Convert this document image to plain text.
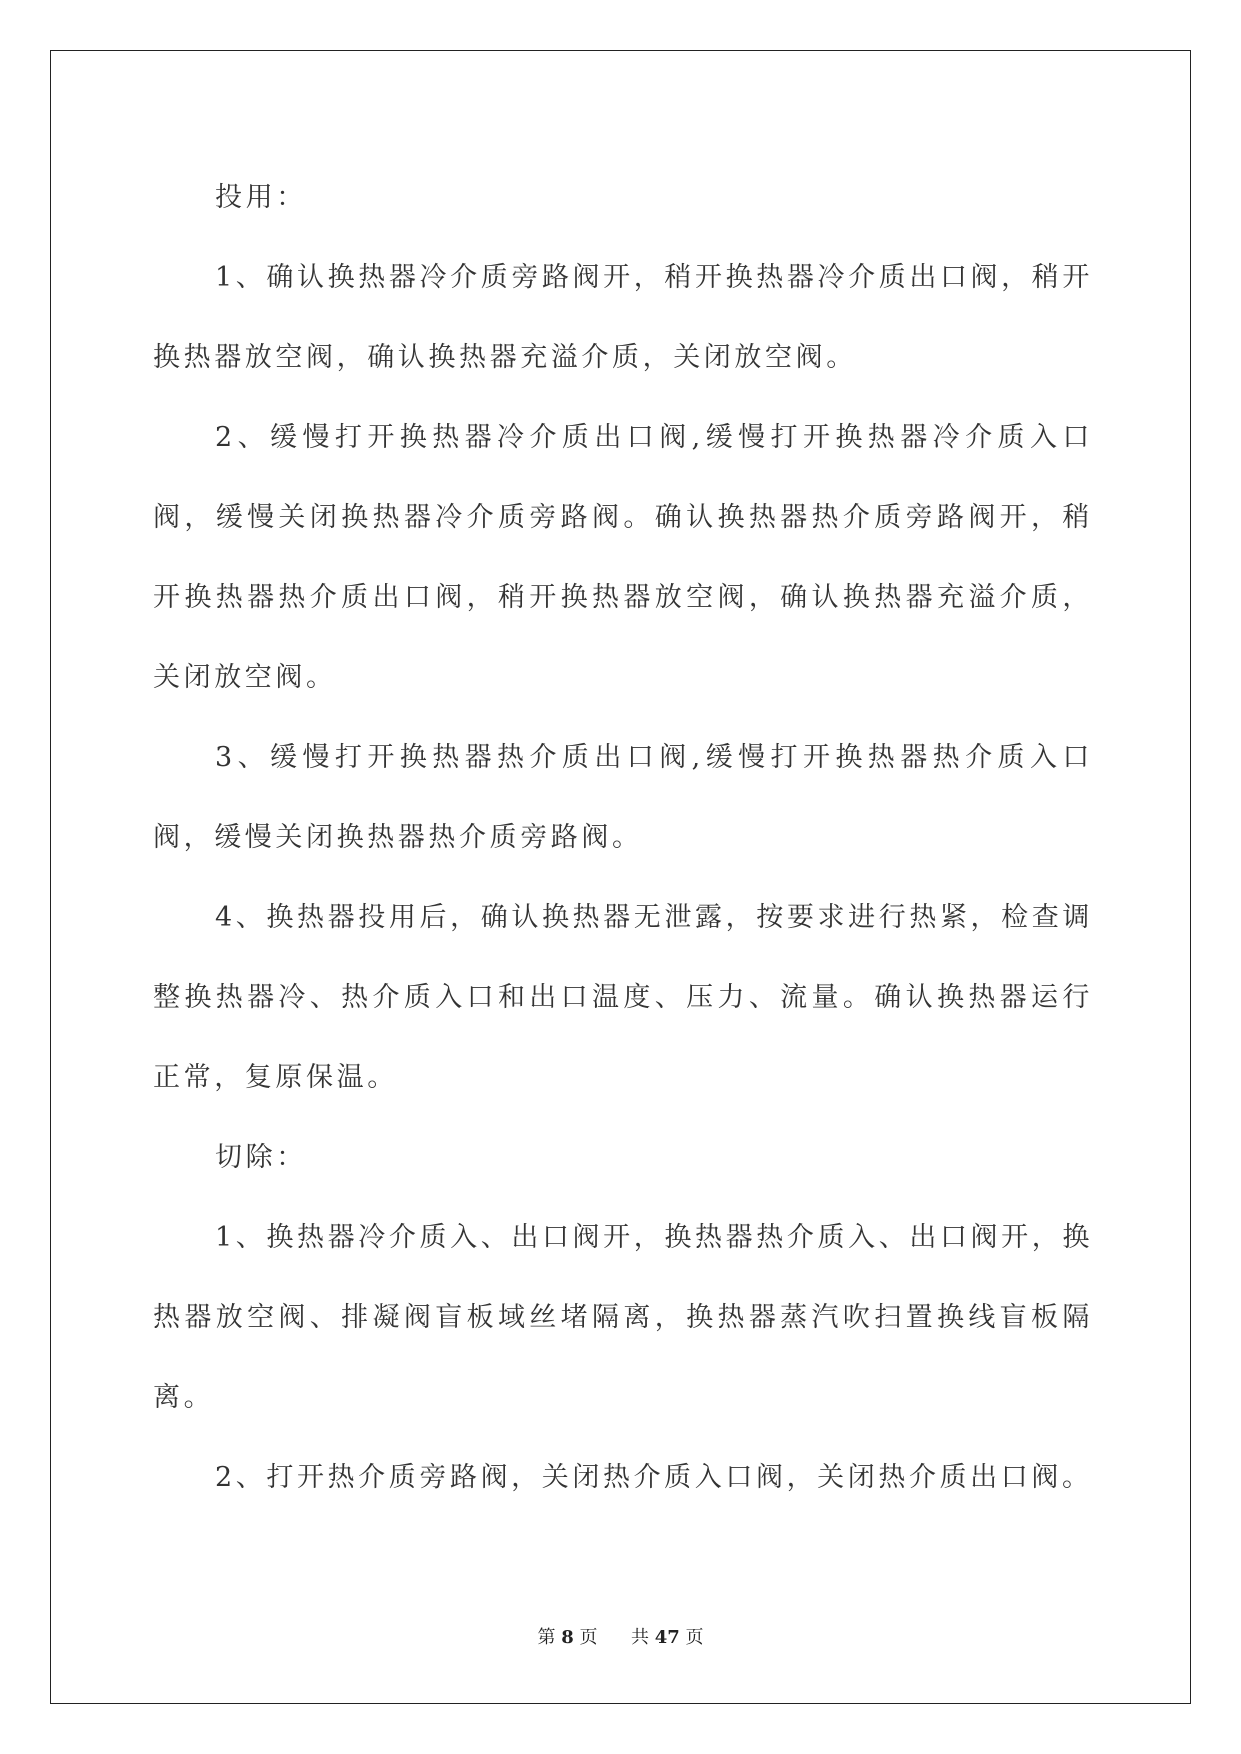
投用：

1、确认换热器冷介质旁路阀开，稍开换热器冷介质出口阀，稍开换热器放空阀，确认换热器充溢介质，关闭放空阀。

2、缓慢打开换热器冷介质出口阀,缓慢打开换热器冷介质入口阀，缓慢关闭换热器冷介质旁路阀。确认换热器热介质旁路阀开，稍开换热器热介质出口阀，稍开换热器放空阀，确认换热器充溢介质，关闭放空阀。

3、缓慢打开换热器热介质出口阀,缓慢打开换热器热介质入口阀，缓慢关闭换热器热介质旁路阀。

4、换热器投用后，确认换热器无泄露，按要求进行热紧，检查调整换热器冷、热介质入口和出口温度、压力、流量。确认换热器运行正常，复原保温。

切除：

1、换热器冷介质入、出口阀开，换热器热介质入、出口阀开，换热器放空阀、排凝阀盲板域丝堵隔离，换热器蒸汽吹扫置换线盲板隔离。

2、打开热介质旁路阀，关闭热介质入口阀，关闭热介质出口阀。

第 8 页 共 47 页
